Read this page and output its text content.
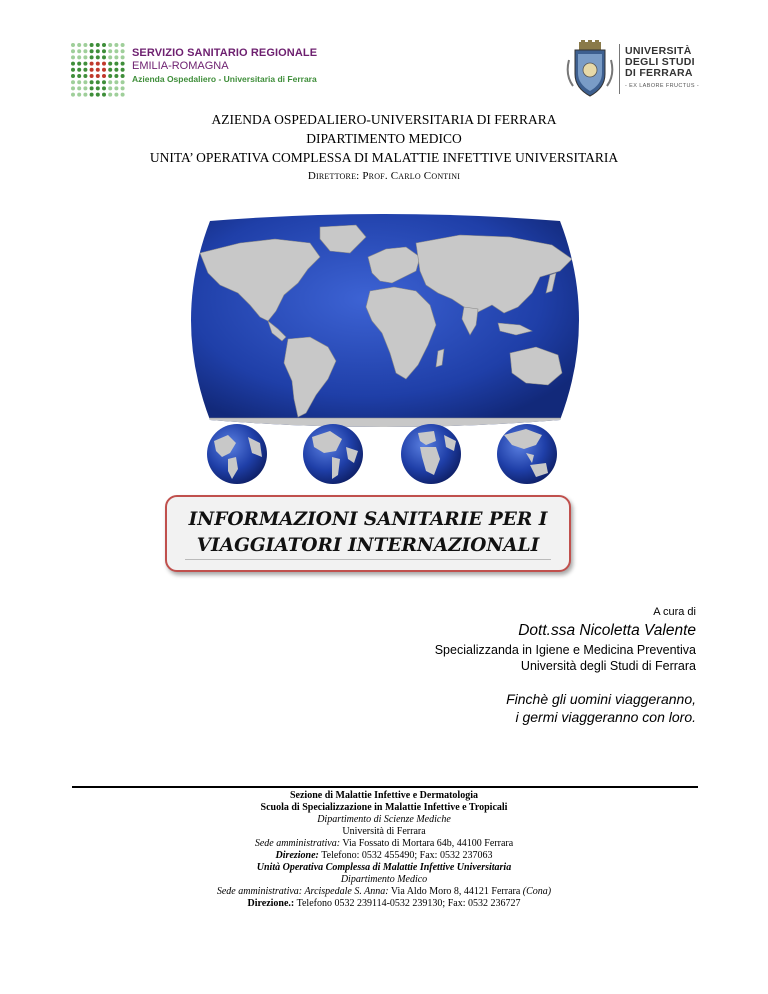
SERVIZIO SANITARIO REGIONALE
EMILIA-ROMAGNA
Azienda Ospedaliero - Universitaria di Ferrara
UNIVERSITÀ
DEGLI STUDI
DI FERRARA
- EX LABORE FRUCTUS -
AZIENDA OSPEDALIERO-UNIVERSITARIA DI FERRARA
DIPARTIMENTO MEDICO
UNITA’ OPERATIVA COMPLESSA DI MALATTIE INFETTIVE UNIVERSITARIA
Direttore: Prof. Carlo Contini
INFORMAZIONI SANITARIE PER I
VIAGGIATORI INTERNAZIONALI
A cura di
Dott.ssa Nicoletta Valente
Specializzanda in Igiene e Medicina Preventiva
Università degli Studi di Ferrara
Finchè gli uomini viaggeranno,
i germi viaggeranno con loro.
Sezione di Malattie Infettive e Dermatologia
Scuola di Specializzazione in Malattie Infettive e Tropicali
Dipartimento di Scienze Mediche
Università di Ferrara
Sede amministrativa: Via Fossato di Mortara 64b, 44100 Ferrara
Direzione: Telefono: 0532 455490; Fax: 0532 237063
Unità Operativa Complessa di Malattie Infettive Universitaria
Dipartimento Medico
Sede amministrativa: Arcispedale S. Anna: Via Aldo Moro 8, 44121 Ferrara (Cona)
Direzione.: Telefono 0532 239114-0532 239130; Fax: 0532 236727
